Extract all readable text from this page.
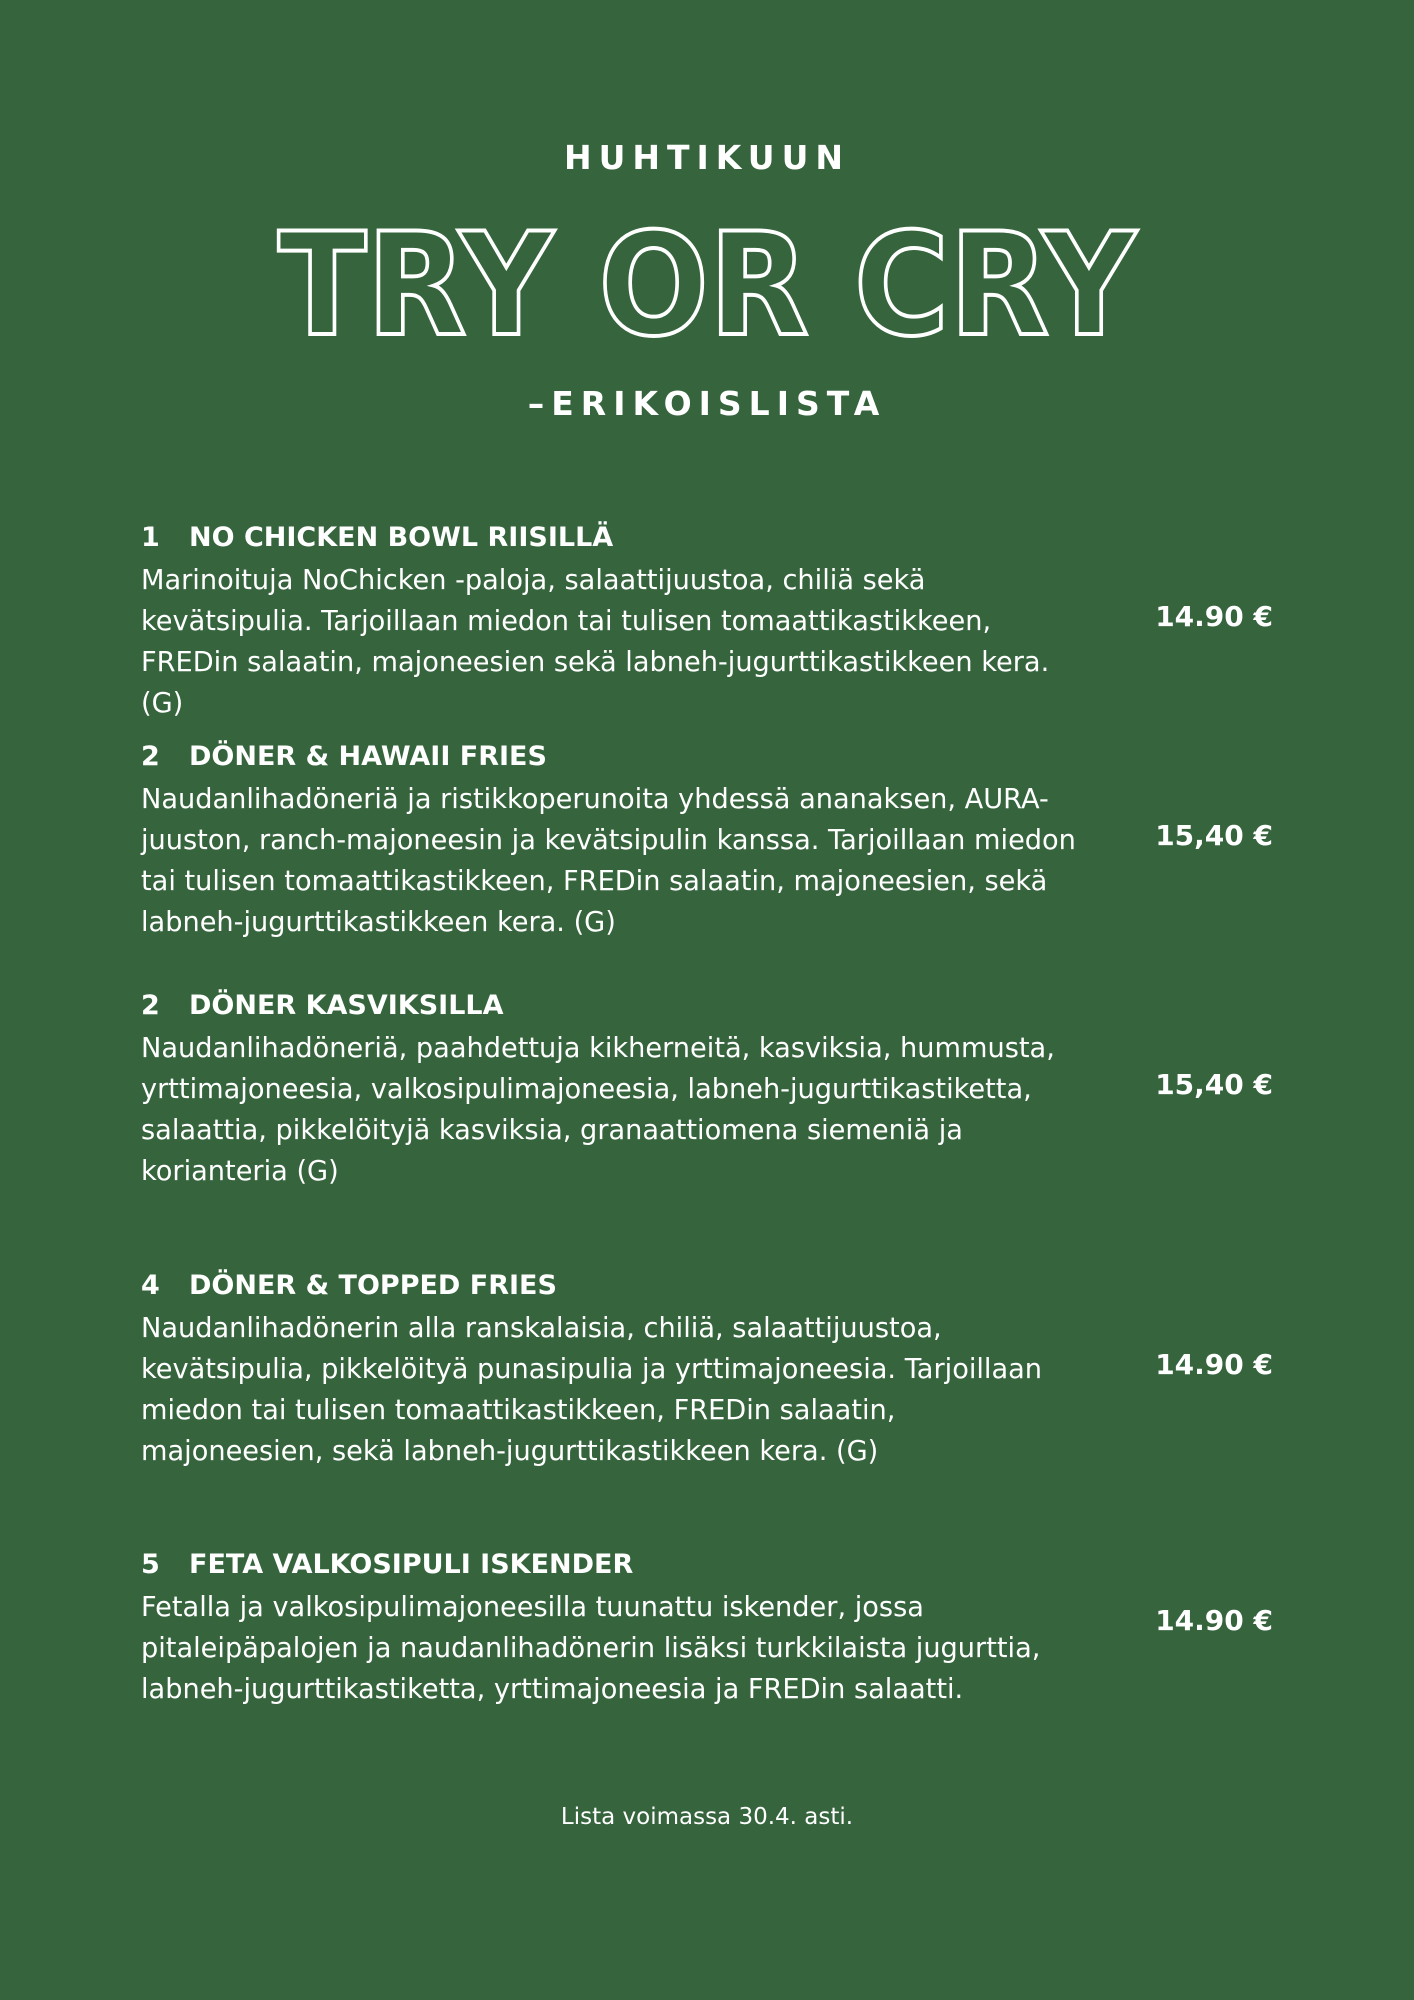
HUHTIKUUN
TRY OR CRY
–ERIKOISLISTA
1 NO CHICKEN BOWL RIISILLÄ
Marinoituja NoChicken -paloja, salaattijuustoa, chiliä sekä kevätsipulia. Tarjoillaan miedon tai tulisen tomaattikastikkeen, FREDin salaatin, majoneesien sekä labneh-jugurttikastikkeen kera. (G)
14.90 €
2 DÖNER & HAWAII FRIES
Naudanlihadöneriä ja ristikkoperunoita yhdessä ananaksen, AURA-juuston, ranch-majoneesin ja kevätsipulin kanssa. Tarjoillaan miedon tai tulisen tomaattikastikkeen, FREDin salaatin, majoneesien, sekä labneh-jugurttikastikkeen kera. (G)
15,40 €
2 DÖNER KASVIKSILLA
Naudanlihadöneriä, paahdettuja kikherneitä, kasviksia, hummusta, yrttimajoneesia, valkosipulimajoneesia, labneh-jugurttikastiketta, salaattia, pikkelöityjä kasviksia, granaattiomena siemeniä ja korianteria (G)
15,40 €
4 DÖNER & TOPPED FRIES
Naudanlihadönerin alla ranskalaisia, chiliä, salaattijuustoa, kevätsipulia, pikkelöityä punasipulia ja yrttimajoneesia. Tarjoillaan miedon tai tulisen tomaattikastikkeen, FREDin salaatin, majoneesien, sekä labneh-jugurttikastikkeen kera. (G)
14.90 €
5 FETA VALKOSIPULI ISKENDER
Fetalla ja valkosipulimajoneesilla tuunattu iskender, jossa pitaleipäpalojen ja naudanlihadönerin lisäksi turkkilaista jugurttia, labneh-jugurttikastiketta, yrttimajoneesia ja FREDin salaatti.
14.90 €
Lista voimassa 30.4. asti.
